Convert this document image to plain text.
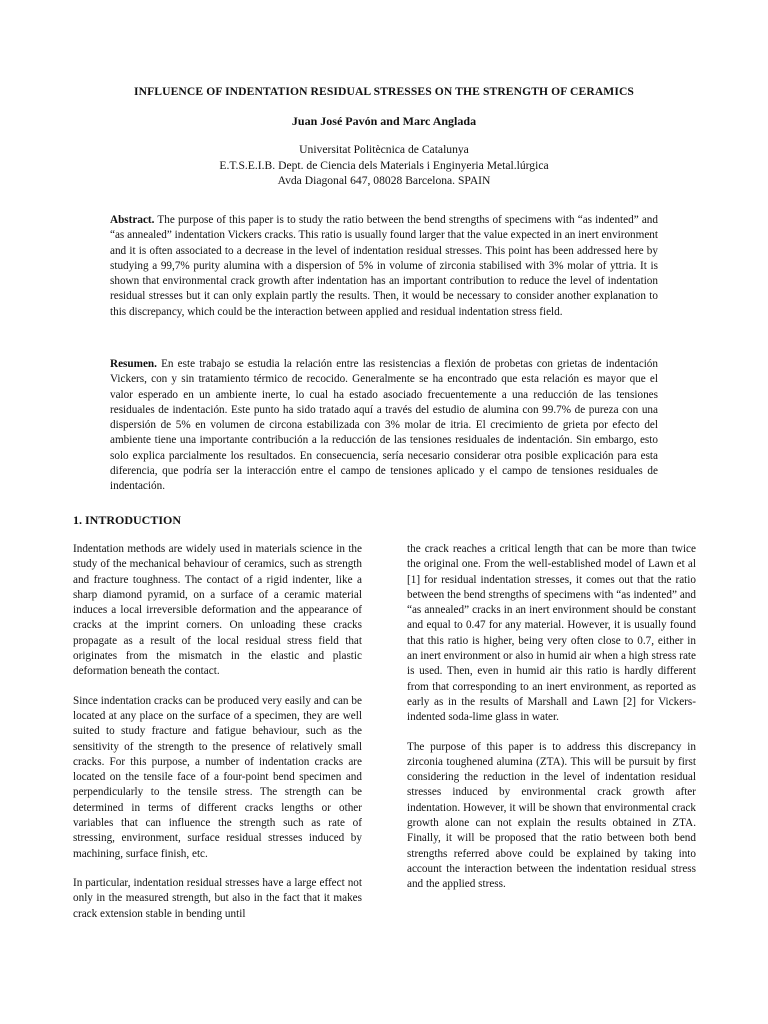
INFLUENCE OF INDENTATION RESIDUAL STRESSES ON THE STRENGTH OF CERAMICS
Juan José Pavón and Marc Anglada
Universitat Politècnica de Catalunya
E.T.S.E.I.B. Dept. de Ciencia dels Materials i Enginyeria Metal.lúrgica
Avda Diagonal 647, 08028 Barcelona. SPAIN

Abstract. The purpose of this paper is to study the ratio between the bend strengths of specimens with “as indented” and “as annealed” indentation Vickers cracks. This ratio is usually found larger that the value expected in an inert environment and it is often associated to a decrease in the level of indentation residual stresses. This point has been addressed here by studying a 99,7% purity alumina with a dispersion of 5% in volume of zirconia stabilised with 3% molar of yttria. It is shown that environmental crack growth after indentation has an important contribution to reduce the level of indentation residual stresses but it can only explain partly the results. Then, it would be necessary to consider another explanation to this discrepancy, which could be the interaction between applied and residual indentation stress field.

Resumen. En este trabajo se estudia la relación entre las resistencias a flexión de probetas con grietas de indentación Vickers, con y sin tratamiento térmico de recocido. Generalmente se ha encontrado que esta relación es mayor que el valor esperado en un ambiente inerte, lo cual ha estado asociado frecuentemente a una reducción de las tensiones residuales de indentación. Este punto ha sido tratado aquí a través del estudio de alumina con 99.7% de pureza con una dispersión de 5% en volumen de circona estabilizada con 3% molar de itria. El crecimiento de grieta por efecto del ambiente tiene una importante contribución a la reducción de las tensiones residuales de indentación. Sin embargo, esto solo explica parcialmente los resultados. En consecuencia, sería necesario considerar otra posible explicación para esta diferencia, que podría ser la interacción entre el campo de tensiones aplicado y el campo de tensiones residuales de indentación.

1. INTRODUCTION

Indentation methods are widely used in materials science in the study of the mechanical behaviour of ceramics, such as strength and fracture toughness. The contact of a rigid indenter, like a sharp diamond pyramid, on a surface of a ceramic material induces a local irreversible deformation and the appearance of cracks at the imprint corners. On unloading these cracks propagate as a result of the local residual stress field that originates from the mismatch in the elastic and plastic deformation beneath the contact.

Since indentation cracks can be produced very easily and can be located at any place on the surface of a specimen, they are well suited to study fracture and fatigue behaviour, such as the sensitivity of the strength to the presence of relatively small cracks. For this purpose, a number of indentation cracks are located on the tensile face of a four-point bend specimen and perpendicularly to the tensile stress. The strength can be determined in terms of different cracks lengths or other variables that can influence the strength such as rate of stressing, environment, surface residual stresses induced by machining, surface finish, etc.

In particular, indentation residual stresses have a large effect not only in the measured strength, but also in the fact that it makes crack extension stable in bending until

the crack reaches a critical length that can be more than twice the original one. From the well-established model of Lawn et al [1] for residual indentation stresses, it comes out that the ratio between the bend strengths of specimens with “as indented” and “as annealed” cracks in an inert environment should be constant and equal to 0.47 for any material. However, it is usually found that this ratio is higher, being very often close to 0.7, either in an inert environment or also in humid air when a high stress rate is used. Then, even in humid air this ratio is hardly different from that corresponding to an inert environment, as reported as early as in the results of Marshall and Lawn [2] for Vickers-indented soda-lime glass in water.

The purpose of this paper is to address this discrepancy in zirconia toughened alumina (ZTA). This will be pursuit by first considering the reduction in the level of indentation residual stresses induced by environmental crack growth after indentation. However, it will be shown that environmental crack growth alone can not explain the results obtained in ZTA. Finally, it will be proposed that the ratio between both bend strengths referred above could be explained by taking into account the interaction between the indentation residual stress and the applied stress.
